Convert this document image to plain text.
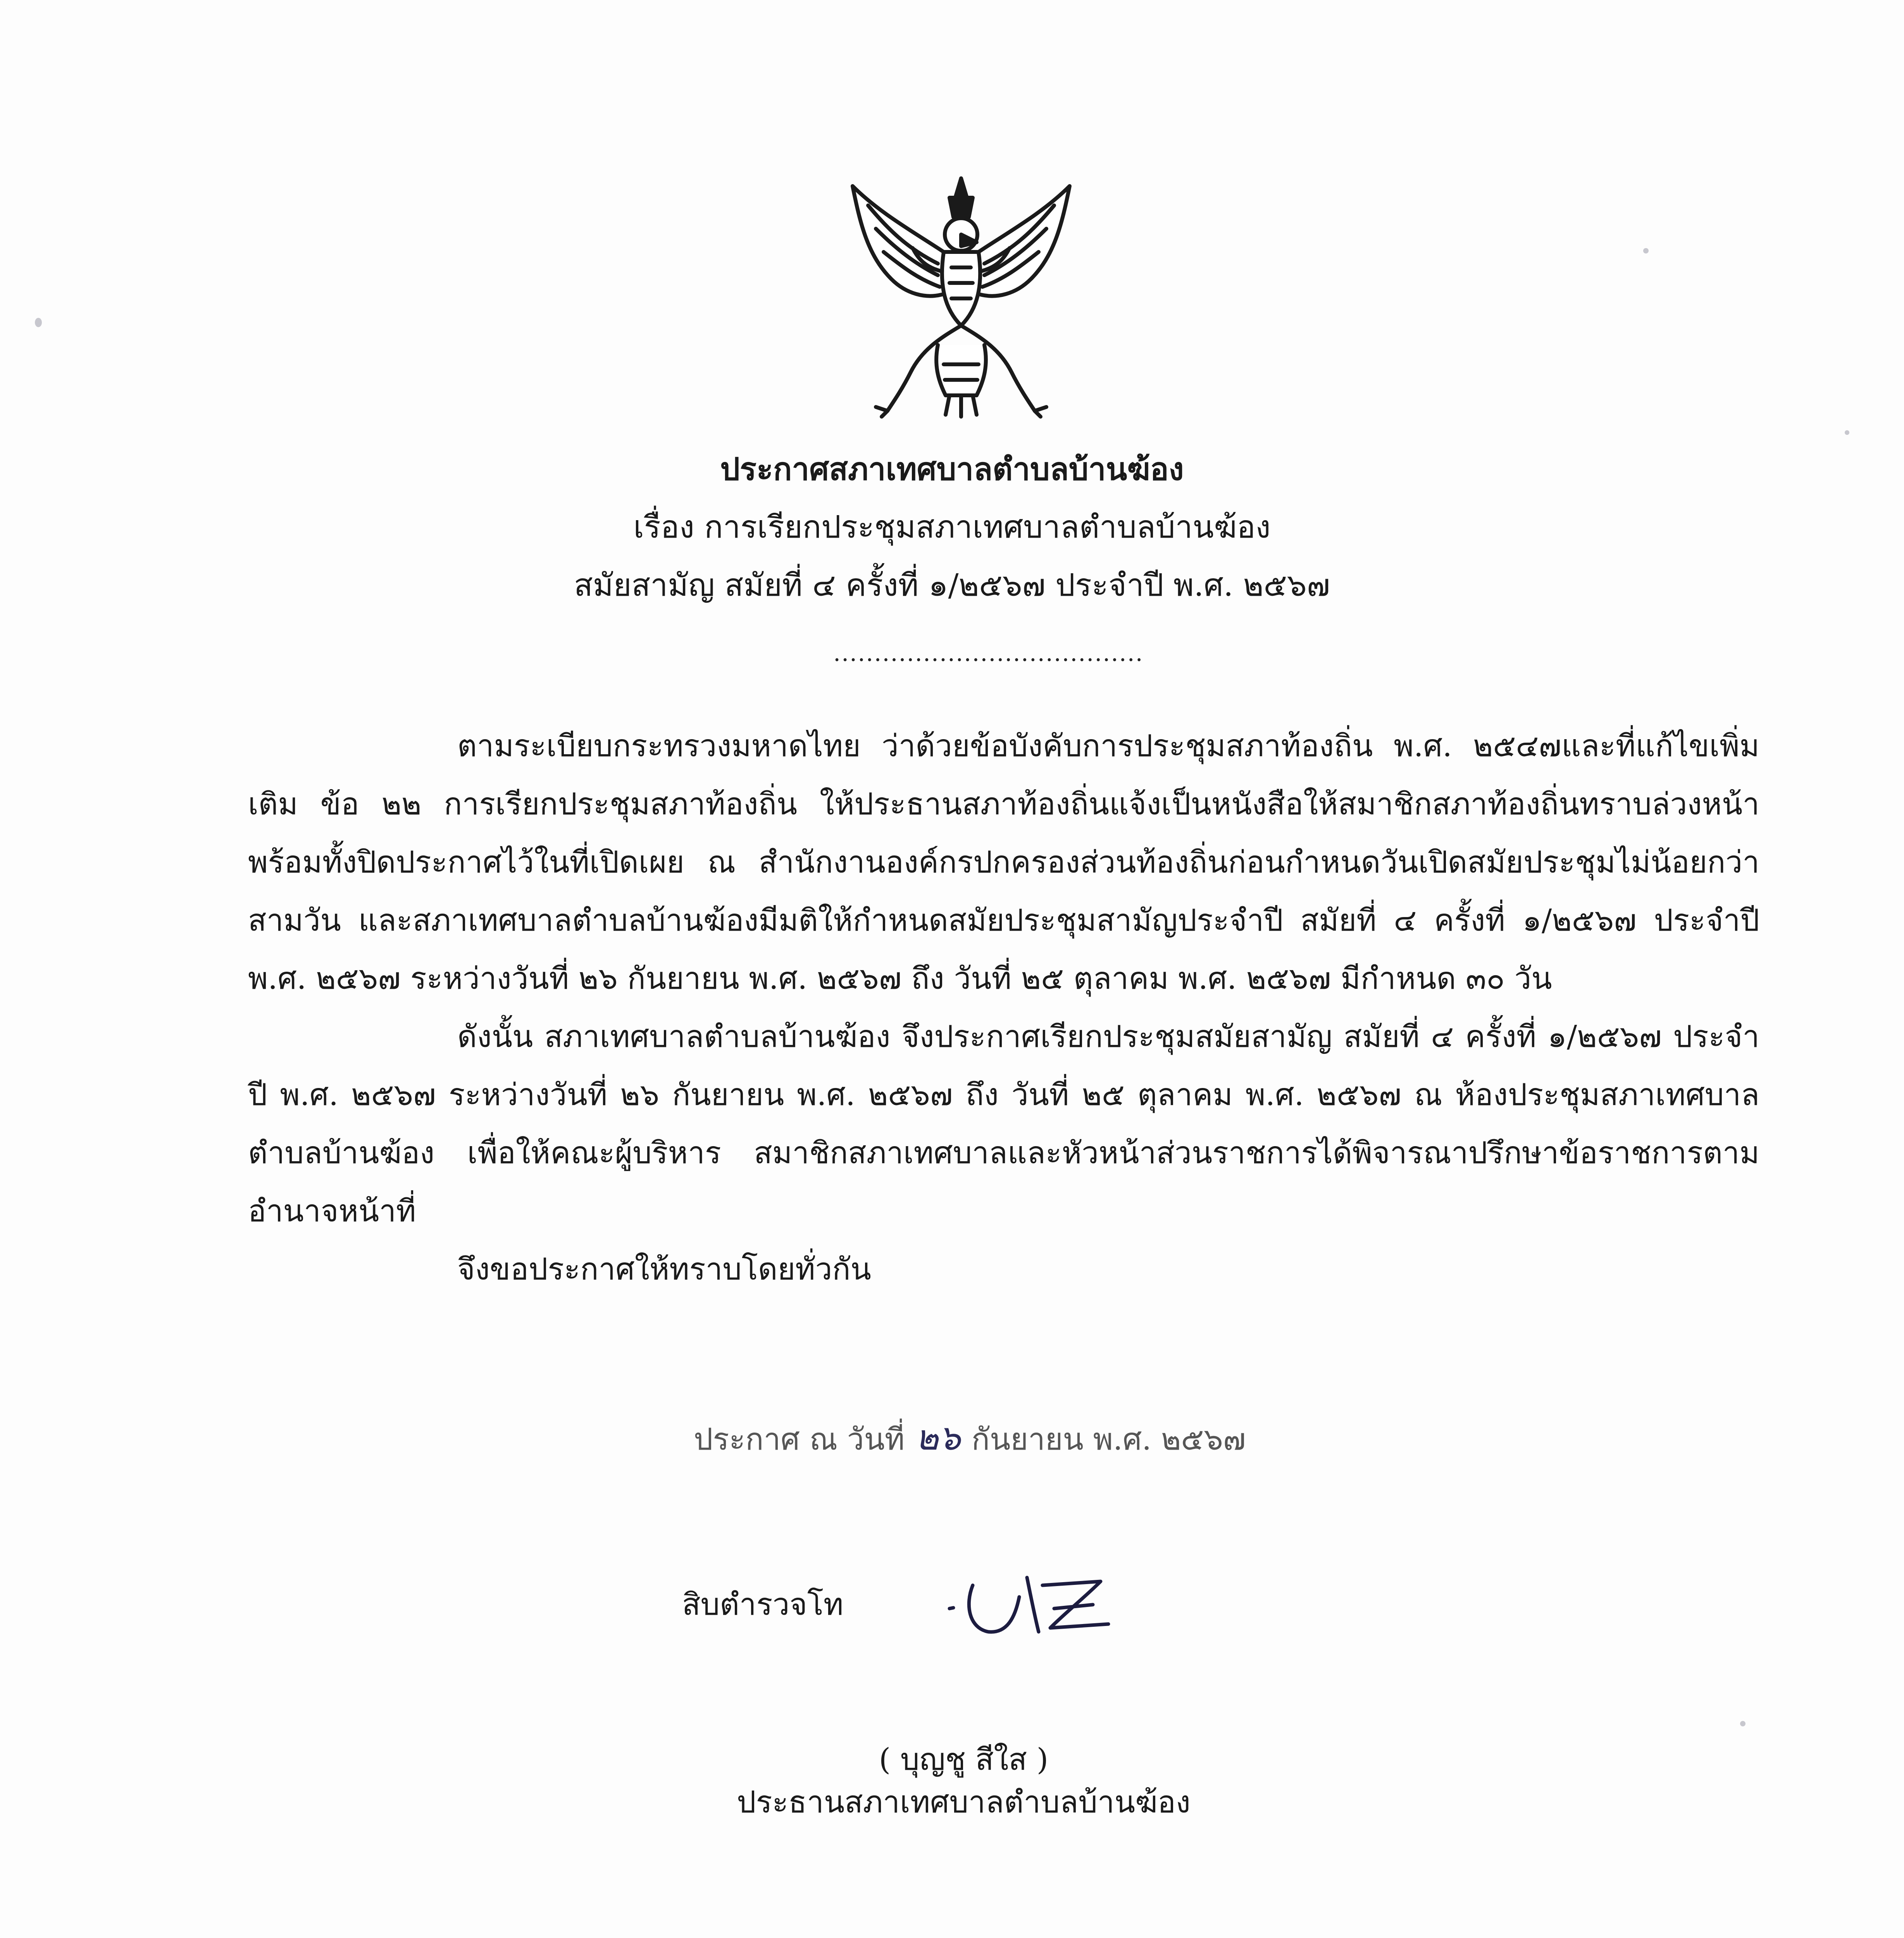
ประกาศสภาเทศบาลตำบลบ้านฆ้อง
เรื่อง การเรียกประชุมสภาเทศบาลตำบลบ้านฆ้อง
สมัยสามัญ สมัยที่ ๔ ครั้งที่ ๑/๒๕๖๗ ประจำปี พ.ศ. ๒๕๖๗
......................................

ตามระเบียบกระทรวงมหาดไทย ว่าด้วยข้อบังคับการประชุมสภาท้องถิ่น พ.ศ. ๒๕๔๗และที่แก้ไขเพิ่มเติม ข้อ ๒๒ การเรียกประชุมสภาท้องถิ่น ให้ประธานสภาท้องถิ่นแจ้งเป็นหนังสือให้สมาชิกสภาท้องถิ่นทราบล่วงหน้า พร้อมทั้งปิดประกาศไว้ในที่เปิดเผย ณ สำนักงานองค์กรปกครองส่วนท้องถิ่นก่อนกำหนดวันเปิดสมัยประชุมไม่น้อยกว่าสามวัน และสภาเทศบาลตำบลบ้านฆ้องมีมติให้กำหนดสมัยประชุมสามัญประจำปี สมัยที่ ๔ ครั้งที่ ๑/๒๕๖๗ ประจำปี พ.ศ. ๒๕๖๗ ระหว่างวันที่ ๒๖ กันยายน พ.ศ. ๒๕๖๗ ถึง วันที่ ๒๕ ตุลาคม พ.ศ. ๒๕๖๗ มีกำหนด ๓๐ วัน

ดังนั้น สภาเทศบาลตำบลบ้านฆ้อง จึงประกาศเรียกประชุมสมัยสามัญ สมัยที่ ๔ ครั้งที่ ๑/๒๕๖๗ ประจำปี พ.ศ. ๒๕๖๗ ระหว่างวันที่ ๒๖ กันยายน พ.ศ. ๒๕๖๗ ถึง วันที่ ๒๕ ตุลาคม พ.ศ. ๒๕๖๗ ณ ห้องประชุมสภาเทศบาลตำบลบ้านฆ้อง เพื่อให้คณะผู้บริหาร สมาชิกสภาเทศบาลและหัวหน้าส่วนราชการได้พิจารณาปรึกษาข้อราชการตามอำนาจหน้าที่

จึงขอประกาศให้ทราบโดยทั่วกัน

ประกาศ ณ วันที่ ๒๖ กันยายน พ.ศ. ๒๕๖๗
สิบตำรวจโท
( บุญชู สีใส )
ประธานสภาเทศบาลตำบลบ้านฆ้อง
